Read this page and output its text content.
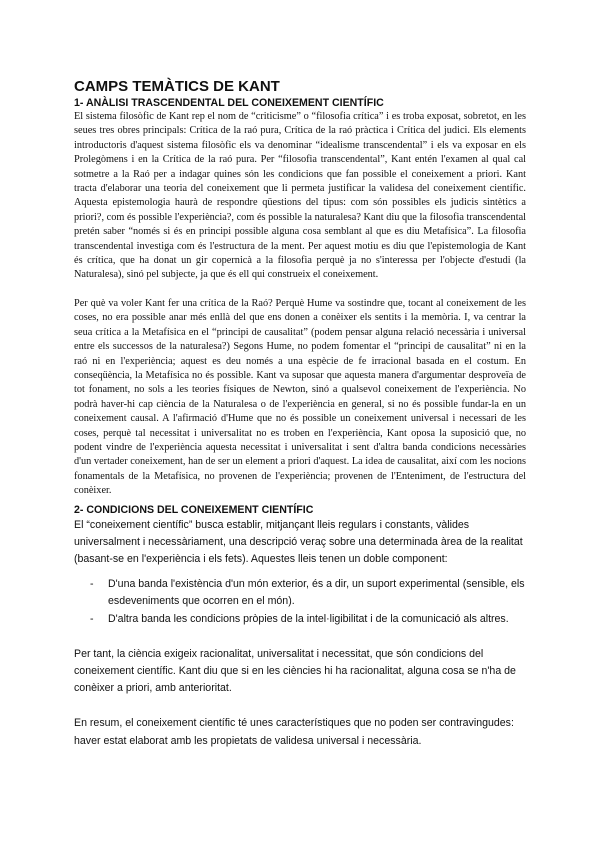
CAMPS TEMÀTICS DE KANT
1- ANÀLISI TRASCENDENTAL DEL CONEIXEMENT CIENTÍFIC

El sistema filosòfic de Kant rep el nom de “criticisme” o “filosofia crítica” i es troba exposat, sobretot, en les seues tres obres principals: Crítica de la raó pura, Crítica de la raó pràctica i Crítica del judici. Els elements introductoris d'aquest sistema filosòfic els va denominar “idealisme transcendental” i els va exposar en els Prolegòmens i en la Crítica de la raó pura. Per “filosofia transcendental”, Kant entén l'examen al qual cal sotmetre a la Raó per a indagar quines són les condicions que fan possible el coneixement a priori. Kant tracta d'elaborar una teoria del coneixement que li permeta justificar la validesa del coneixement científic. Aquesta epistemologia haurà de respondre qüestions del tipus: com són possibles els judicis sintètics a priori?, com és possible l'experiència?, com és possible la naturalesa? Kant diu que la filosofia transcendental pretén saber “només si és en principi possible alguna cosa semblant al que es diu Metafísica”. La filosofia transcendental investiga com és l'estructura de la ment. Per aquest motiu es diu que l'epistemologia de Kant és crítica, que ha donat un gir copernicà a la filosofia perquè ja no s'interessa per l'objecte d'estudi (la Naturalesa), sinó pel subjecte, ja que és ell qui construeix el coneixement.

Per què va voler Kant fer una crítica de la Raó? Perquè Hume va sostindre que, tocant al coneixement de les coses, no era possible anar més enllà del que ens donen a conèixer els sentits i la memòria. I, va centrar la seua crítica a la Metafísica en el “principi de causalitat” (podem pensar alguna relació necessària i universal entre els successos de la naturalesa?) Segons Hume, no podem fomentar el “principi de causalitat” ni en la raó ni en l'experiència; aquest es deu només a una espècie de fe irracional basada en el costum. En conseqüència, la Metafísica no és possible. Kant va suposar que aquesta manera d'argumentar desproveïa de tot fonament, no sols a les teories físiques de Newton, sinó a qualsevol coneixement de l'experiència. No podrà haver-hi cap ciència de la Naturalesa o de l'experiència en general, si no és possible fundar-la en un coneixement causal. A l'afirmació d'Hume que no és possible un coneixement universal i necessari de les coses, perquè tal necessitat i universalitat no es troben en l'experiència, Kant oposa la suposició que, no podent vindre de l'experiència aquesta necessitat i universalitat i sent d'altra banda condicions necessàries d'un vertader coneixement, han de ser un element a priori d'aquest. La idea de causalitat, així com les nocions fonamentals de la Metafísica, no provenen de l'experiència; provenen de l'Enteniment, de l'estructura del conèixer.

2- CONDICIONS DEL CONEIXEMENT CIENTÍFIC

El “coneixement científic” busca establir, mitjançant lleis regulars i constants, vàlides universalment i necessàriament, una descripció veraç sobre una determinada àrea de la realitat (basant-se en l'experiència i els fets). Aquestes lleis tenen un doble component:

- D'una banda l'existència d'un món exterior, és a dir, un suport experimental (sensible, els esdeveniments que ocorren en el món).
- D'altra banda les condicions pròpies de la intel·ligibilitat i de la comunicació als altres.

Per tant, la ciència exigeix racionalitat, universalitat i necessitat, que són condicions del coneixement científic. Kant diu que si en les ciències hi ha racionalitat, alguna cosa se n'ha de conèixer a priori, amb anterioritat.

En resum, el coneixement científic té unes característiques que no poden ser contravingudes: haver estat elaborat amb les propietats de validesa universal i necessària.
